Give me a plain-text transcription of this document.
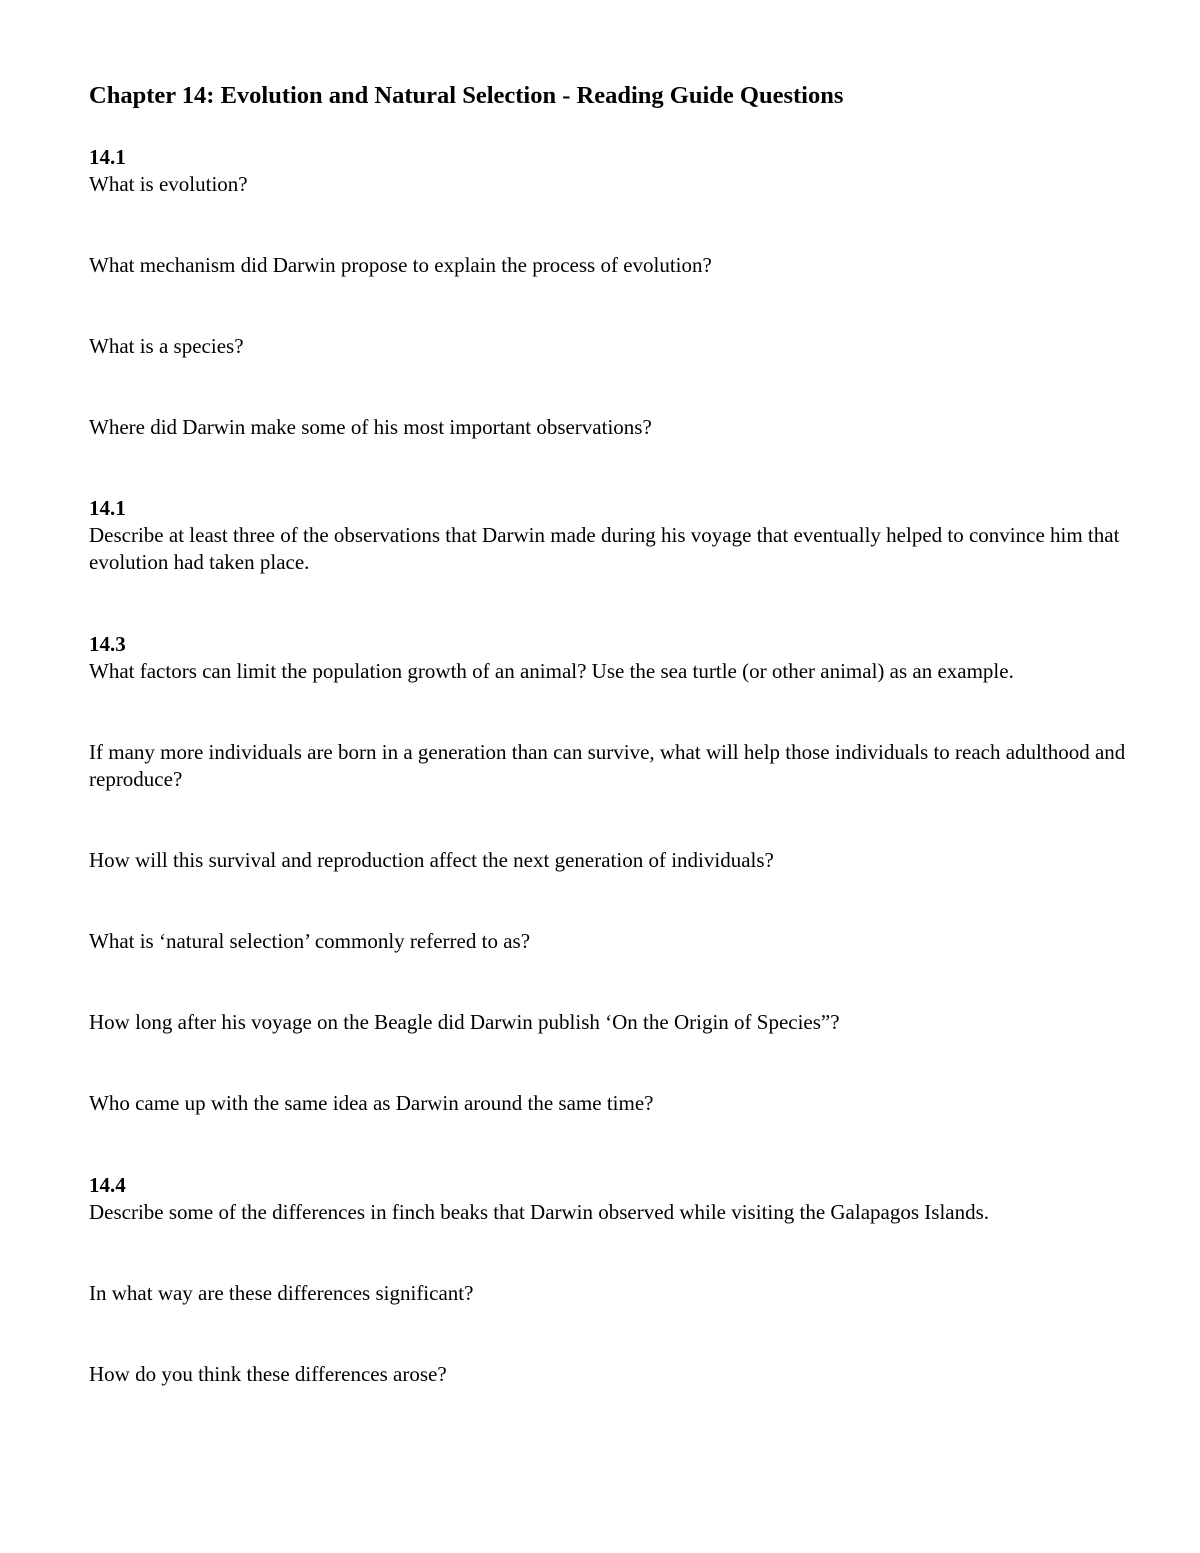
Chapter 14: Evolution and Natural Selection - Reading Guide Questions
14.1
What is evolution?
What mechanism did Darwin propose to explain the process of evolution?
What is a species?
Where did Darwin make some of his most important observations?
14.1
Describe at least three of the observations that Darwin made during his voyage that eventually helped to convince him that evolution had taken place.
14.3
What factors can limit the population growth of an animal? Use the sea turtle (or other animal) as an example.
If many more individuals are born in a generation than can survive, what will help those individuals to reach adulthood and reproduce?
How will this survival and reproduction affect the next generation of individuals?
What is ‘natural selection’ commonly referred to as?
How long after his voyage on the Beagle did Darwin publish ‘On the Origin of Species”?
Who came up with the same idea as Darwin around the same time?
14.4
Describe some of the differences in finch beaks that Darwin observed while visiting the Galapagos Islands.
In what way are these differences significant?
How do you think these differences arose?
